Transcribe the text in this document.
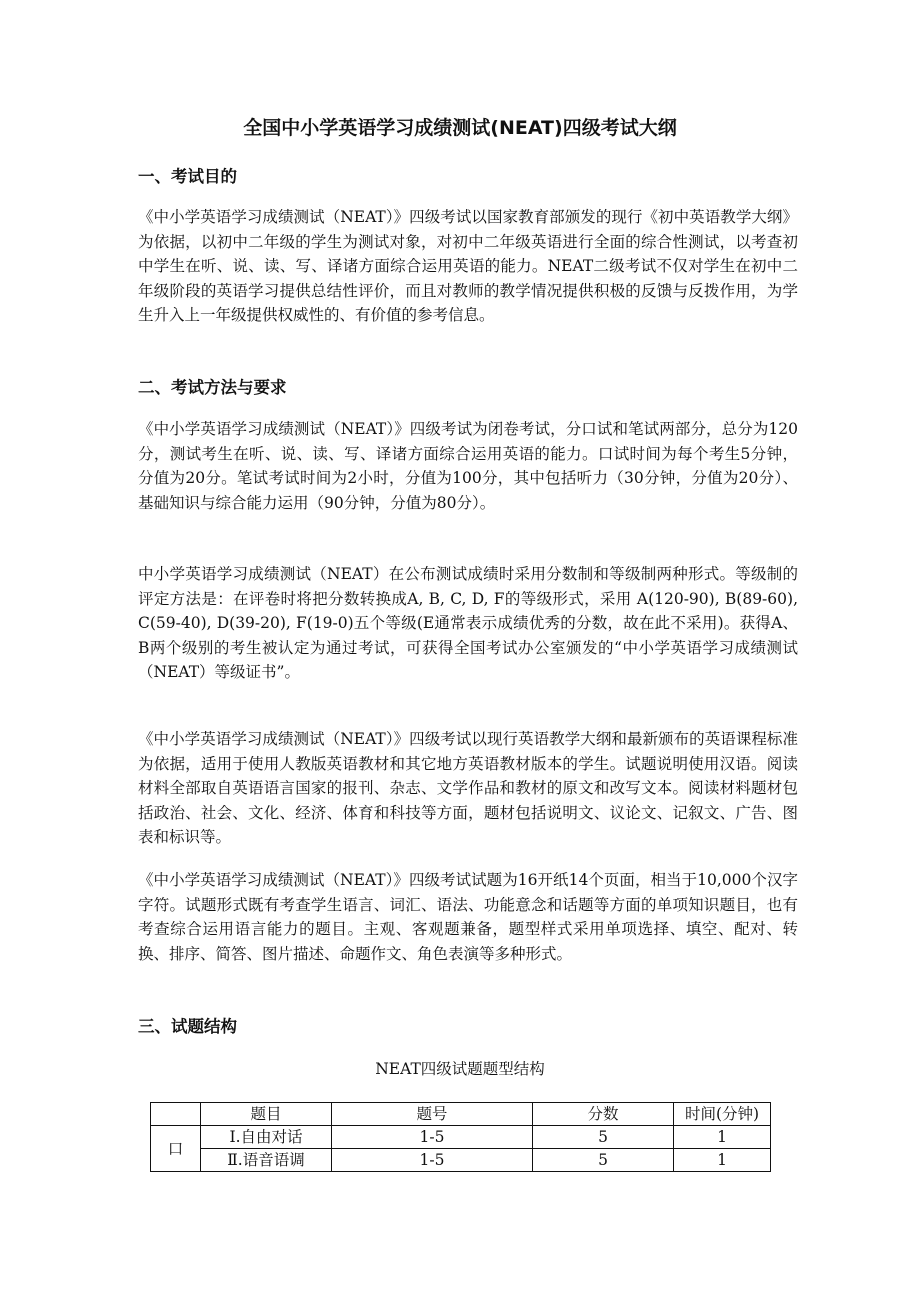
全国中小学英语学习成绩测试(NEAT)四级考试大纲
一、考试目的

《中小学英语学习成绩测试（NEAT）》四级考试以国家教育部颁发的现行《初中英语教学大纲》为依据，以初中二年级的学生为测试对象，对初中二年级英语进行全面的综合性测试，以考查初中学生在听、说、读、写、译诸方面综合运用英语的能力。NEAT二级考试不仅对学生在初中二年级阶段的英语学习提供总结性评价，而且对教师的教学情况提供积极的反馈与反拨作用，为学生升入上一年级提供权威性的、有价值的参考信息。

二、考试方法与要求

《中小学英语学习成绩测试（NEAT）》四级考试为闭卷考试，分口试和笔试两部分，总分为120分，测试考生在听、说、读、写、译诸方面综合运用英语的能力。口试时间为每个考生5分钟，分值为20分。笔试考试时间为2小时，分值为100分，其中包括听力（30分钟，分值为20分）、基础知识与综合能力运用（90分钟，分值为80分）。

中小学英语学习成绩测试（NEAT）在公布测试成绩时采用分数制和等级制两种形式。等级制的评定方法是：在评卷时将把分数转换成A, B, C, D, F的等级形式，采用 A(120-90), B(89-60), C(59-40), D(39-20), F(19-0)五个等级(E通常表示成绩优秀的分数，故在此不采用)。获得A、B两个级别的考生被认定为通过考试，可获得全国考试办公室颁发的“中小学英语学习成绩测试（NEAT）等级证书”。

《中小学英语学习成绩测试（NEAT）》四级考试以现行英语教学大纲和最新颁布的英语课程标准为依据，适用于使用人教版英语教材和其它地方英语教材版本的学生。试题说明使用汉语。阅读材料全部取自英语语言国家的报刊、杂志、文学作品和教材的原文和改写文本。阅读材料题材包括政治、社会、文化、经济、体育和科技等方面，题材包括说明文、议论文、记叙文、广告、图表和标识等。

《中小学英语学习成绩测试（NEAT）》四级考试试题为16开纸14个页面，相当于10,000个汉字字符。试题形式既有考查学生语言、词汇、语法、功能意念和话题等方面的单项知识题目，也有考查综合运用语言能力的题目。主观、客观题兼备，题型样式采用单项选择、填空、配对、转换、排序、简答、图片描述、命题作文、角色表演等多种形式。

三、试题结构
NEAT四级试题题型结构
	题目	题号	分数	时间(分钟)
口	Ⅰ.自由对话	1-5	5	1
	Ⅱ.语音语调	1-5	5	1
